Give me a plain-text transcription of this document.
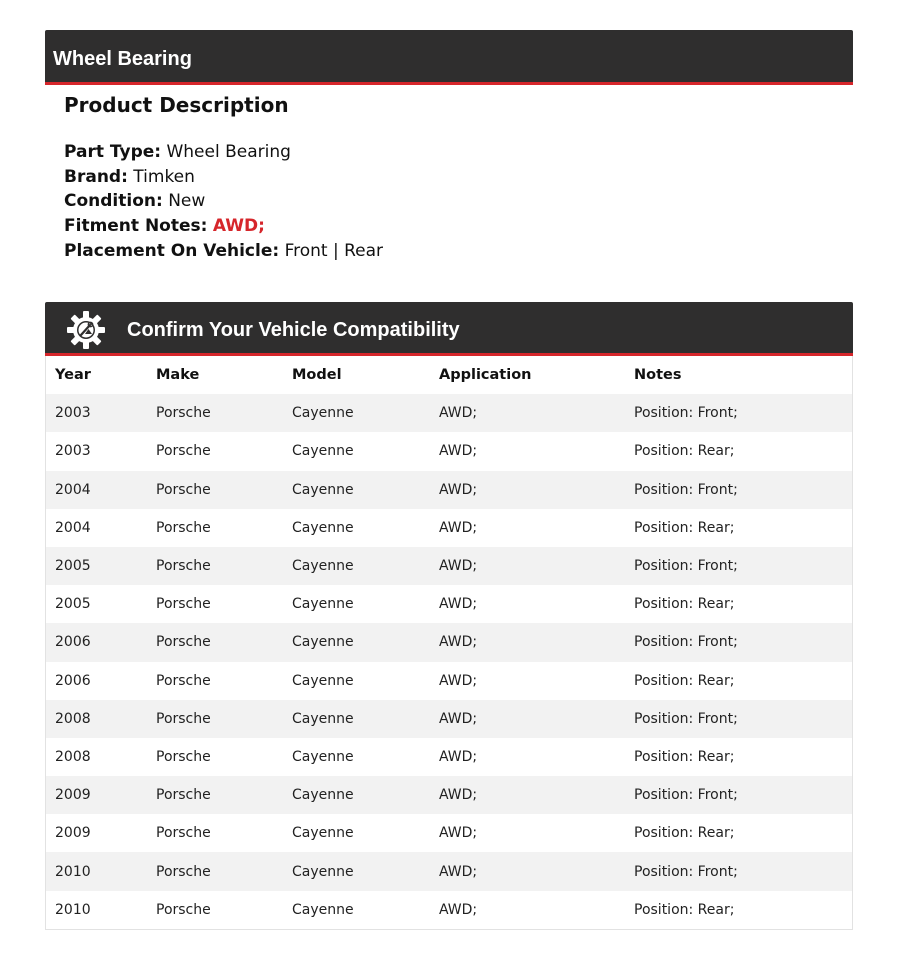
Wheel Bearing
Product Description
Part Type: Wheel Bearing
Brand: Timken
Condition: New
Fitment Notes: AWD;
Placement On Vehicle: Front | Rear
Confirm Your Vehicle Compatibility
Year	Make	Model	Application	Notes
2003	Porsche	Cayenne	AWD;	Position: Front;
2003	Porsche	Cayenne	AWD;	Position: Rear;
2004	Porsche	Cayenne	AWD;	Position: Front;
2004	Porsche	Cayenne	AWD;	Position: Rear;
2005	Porsche	Cayenne	AWD;	Position: Front;
2005	Porsche	Cayenne	AWD;	Position: Rear;
2006	Porsche	Cayenne	AWD;	Position: Front;
2006	Porsche	Cayenne	AWD;	Position: Rear;
2008	Porsche	Cayenne	AWD;	Position: Front;
2008	Porsche	Cayenne	AWD;	Position: Rear;
2009	Porsche	Cayenne	AWD;	Position: Front;
2009	Porsche	Cayenne	AWD;	Position: Rear;
2010	Porsche	Cayenne	AWD;	Position: Front;
2010	Porsche	Cayenne	AWD;	Position: Rear;
